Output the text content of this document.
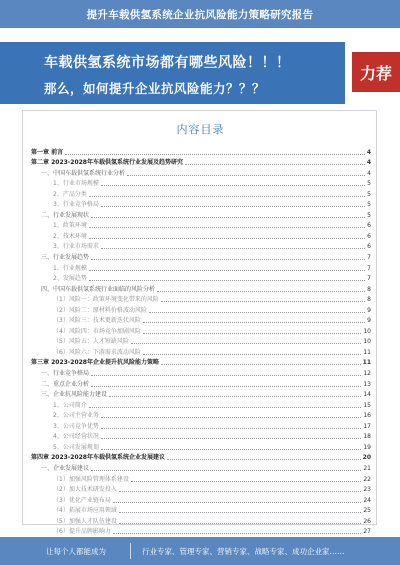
提升车载供氢系统企业抗风险能力策略研究报告
车载供氢系统市场都有哪些风险！！！
那么，如何提升企业抗风险能力？？？
力荐
内容目录
第一章 前言	4
第二章 2023-2028年车载供氢系统行业发展及趋势研究	4
一、中国车载供氢系统行业分析	4
1、行业市场规模	5
2、产品分类	5
3、行业竞争格局	5
二、行业发展现状	5
1、政策环境	6
2、技术环境	6
3、行业市场需求	6
三、行业发展趋势	7
1、行业规模	7
2、发展趋势	7
四、中国车载供氢系统行业面临的风险分析	8
（1）风险一：政策环境变化带来的风险	8
（2）风险二：原材料价格波动风险	9
（3）风险三：技术更新迭代风险	9
（4）风险四：市场竞争加剧风险	10
（5）风险五：人才短缺风险	10
（6）风险六：下游需求波动风险	11
第三章 2023-2028年企业提升抗风险能力策略	11
一、行业竞争格局	12
二、重点企业分析	13
三、企业抗风险能力建设	14
1、公司简介	15
2、公司主营业务	16
3、公司竞争优势	17
4、公司经营状况	18
5、公司发展规划	19
第四章 2023-2028年车载供氢系统企业发展建议	20
一、企业发展建议	21
（1）加强风险管理体系建设	22
（2）加大技术研发投入	23
（3）优化产业链布局	24
（4）拓展市场应用领域	25
（5）加强人才队伍建设	26
（6）提升品牌影响力	27
让每个人都能成为	行业专家、管理专家、营销专家、战略专家、成功企业家……
